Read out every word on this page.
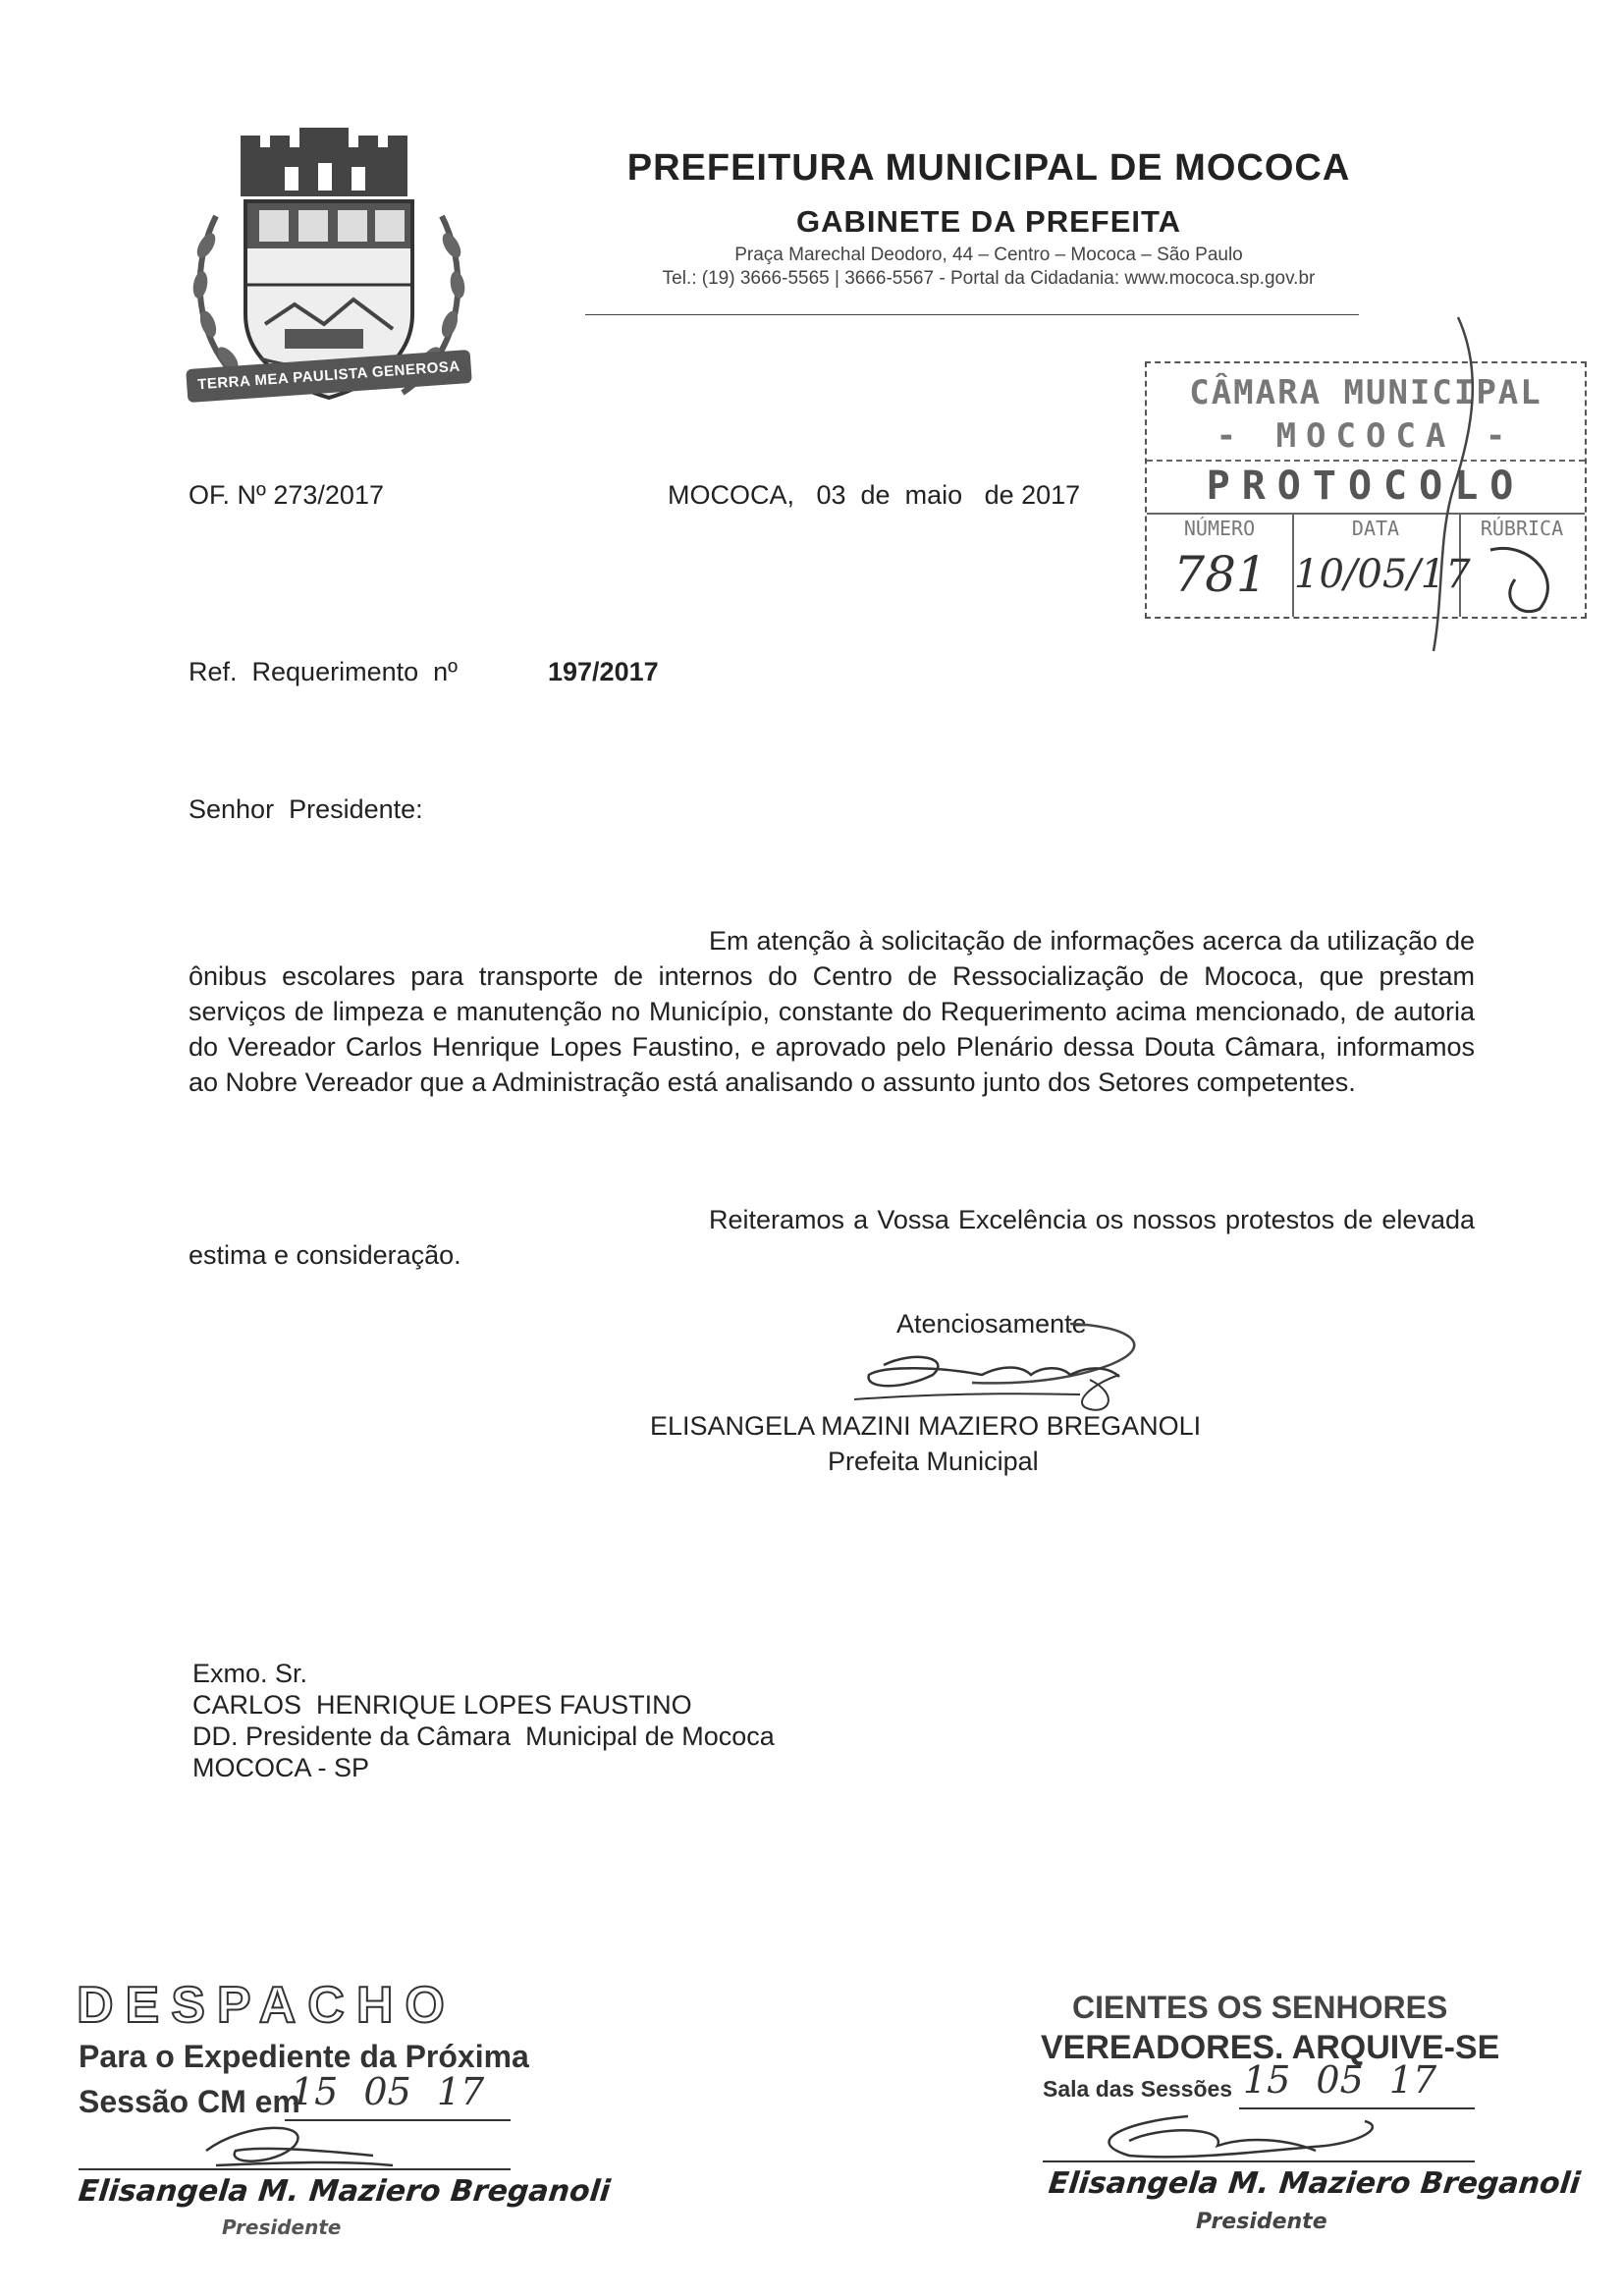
TERRA MEA PAULISTA GENEROSA
PREFEITURA MUNICIPAL DE MOCOCA
GABINETE DA PREFEITA
Praça Marechal Deodoro, 44 – Centro – Mococa – São Paulo
Tel.: (19) 3666-5565 | 3666-5567 - Portal da Cidadania: www.mococa.sp.gov.br
CÂMARA MUNICIPAL
- MOCOCA -
PROTOCOLO
NÚMERO	DATA	RÚBRICA
781 10/05/17
OF. Nº 273/2017	MOCOCA,   03  de  maio   de 2017
Ref.  Requerimento  nº	197/2017
Senhor  Presidente:
Em atenção à solicitação de informações acerca da utilização de ônibus escolares para transporte de internos do Centro de Ressocialização de Mococa, que prestam serviços de limpeza e manutenção no Município, constante do Requerimento acima mencionado, de autoria do Vereador Carlos Henrique Lopes Faustino, e aprovado pelo Plenário dessa Douta Câmara, informamos ao Nobre Vereador que a Administração está analisando o assunto junto dos Setores competentes.
Reiteramos a Vossa Excelência os nossos protestos de elevada estima e consideração.
Atenciosamente
ELISANGELA MAZINI MAZIERO BREGANOLI
Prefeita Municipal
Exmo. Sr.
CARLOS  HENRIQUE LOPES FAUSTINO
DD. Presidente da Câmara  Municipal de Mococa
MOCOCA - SP
DESPACHO
Para o Expediente da Próxima
Sessão CM em
15 05 17
Elisangela M. Maziero Breganoli
Presidente
CIENTES OS SENHORES
VEREADORES. ARQUIVE-SE
Sala das Sessões 15 05 17
Elisangela M. Maziero Breganoli
Presidente
